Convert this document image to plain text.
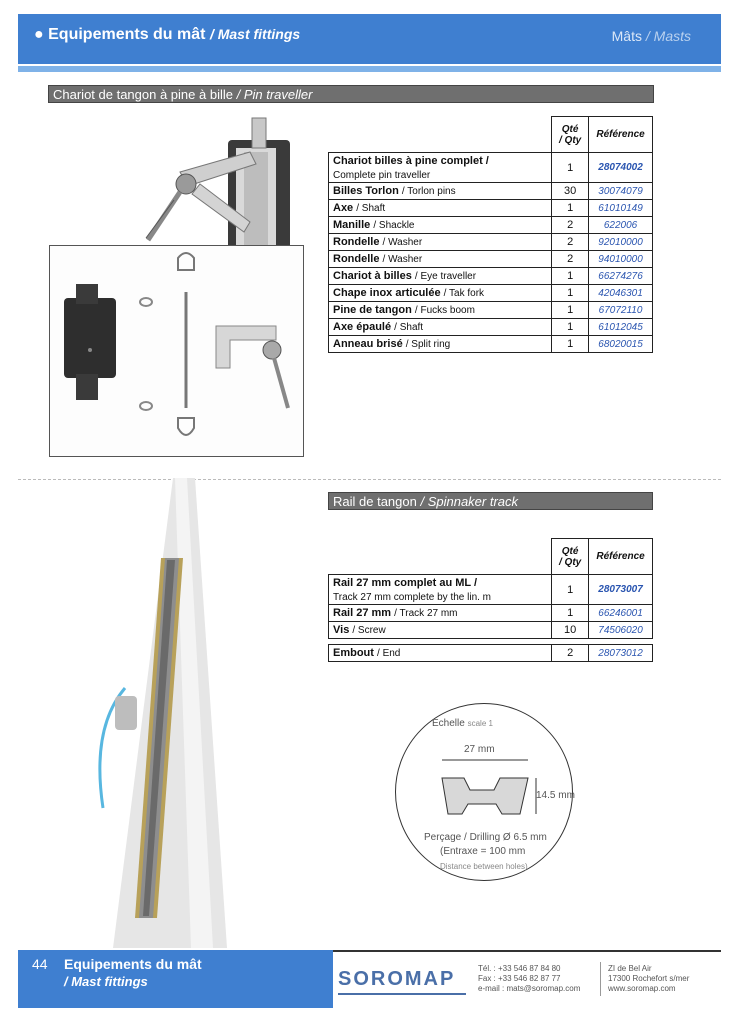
● Equipements du mât / Mast fittings	Mâts / Masts
Chariot de tangon à pine à bille / Pin traveller
	Qté
/ Qty	Référence
Chariot billes à pine complet /
Complete pin traveller	1	28074002
Billes Torlon / Torlon pins	30	30074079
Axe / Shaft	1	61010149
Manille / Shackle	2	622006
Rondelle / Washer	2	92010000
Rondelle / Washer	2	94010000
Chariot à billes / Eye traveller	1	66274276
Chape inox articulée / Tak fork	1	42046301
Pine de tangon / Fucks boom	1	67072110
Axe épaulé / Shaft	1	61012045
Anneau brisé / Split ring	1	68020015
Rail de tangon / Spinnaker track
	Qté
/ Qty	Référence
Rail 27 mm complet au ML /
Track 27 mm complete by the lin. m	1	28073007
Rail 27 mm / Track 27 mm	1	66246001
Vis / Screw	10	74506020

Embout / End	2	28073012
Echelle scale 1
27 mm
14.5 mm
Perçage / Drilling Ø 6.5 mm
(Entraxe = 100 mm
Distance between holes)
44 Equipements du mât
/ Mast fittings	SOROMAP	Tél. : +33 546 87 84 80
Fax : +33 546 82 87 77
e-mail : mats@soromap.com
ZI de Bel Air
17300 Rochefort s/mer
www.soromap.com
